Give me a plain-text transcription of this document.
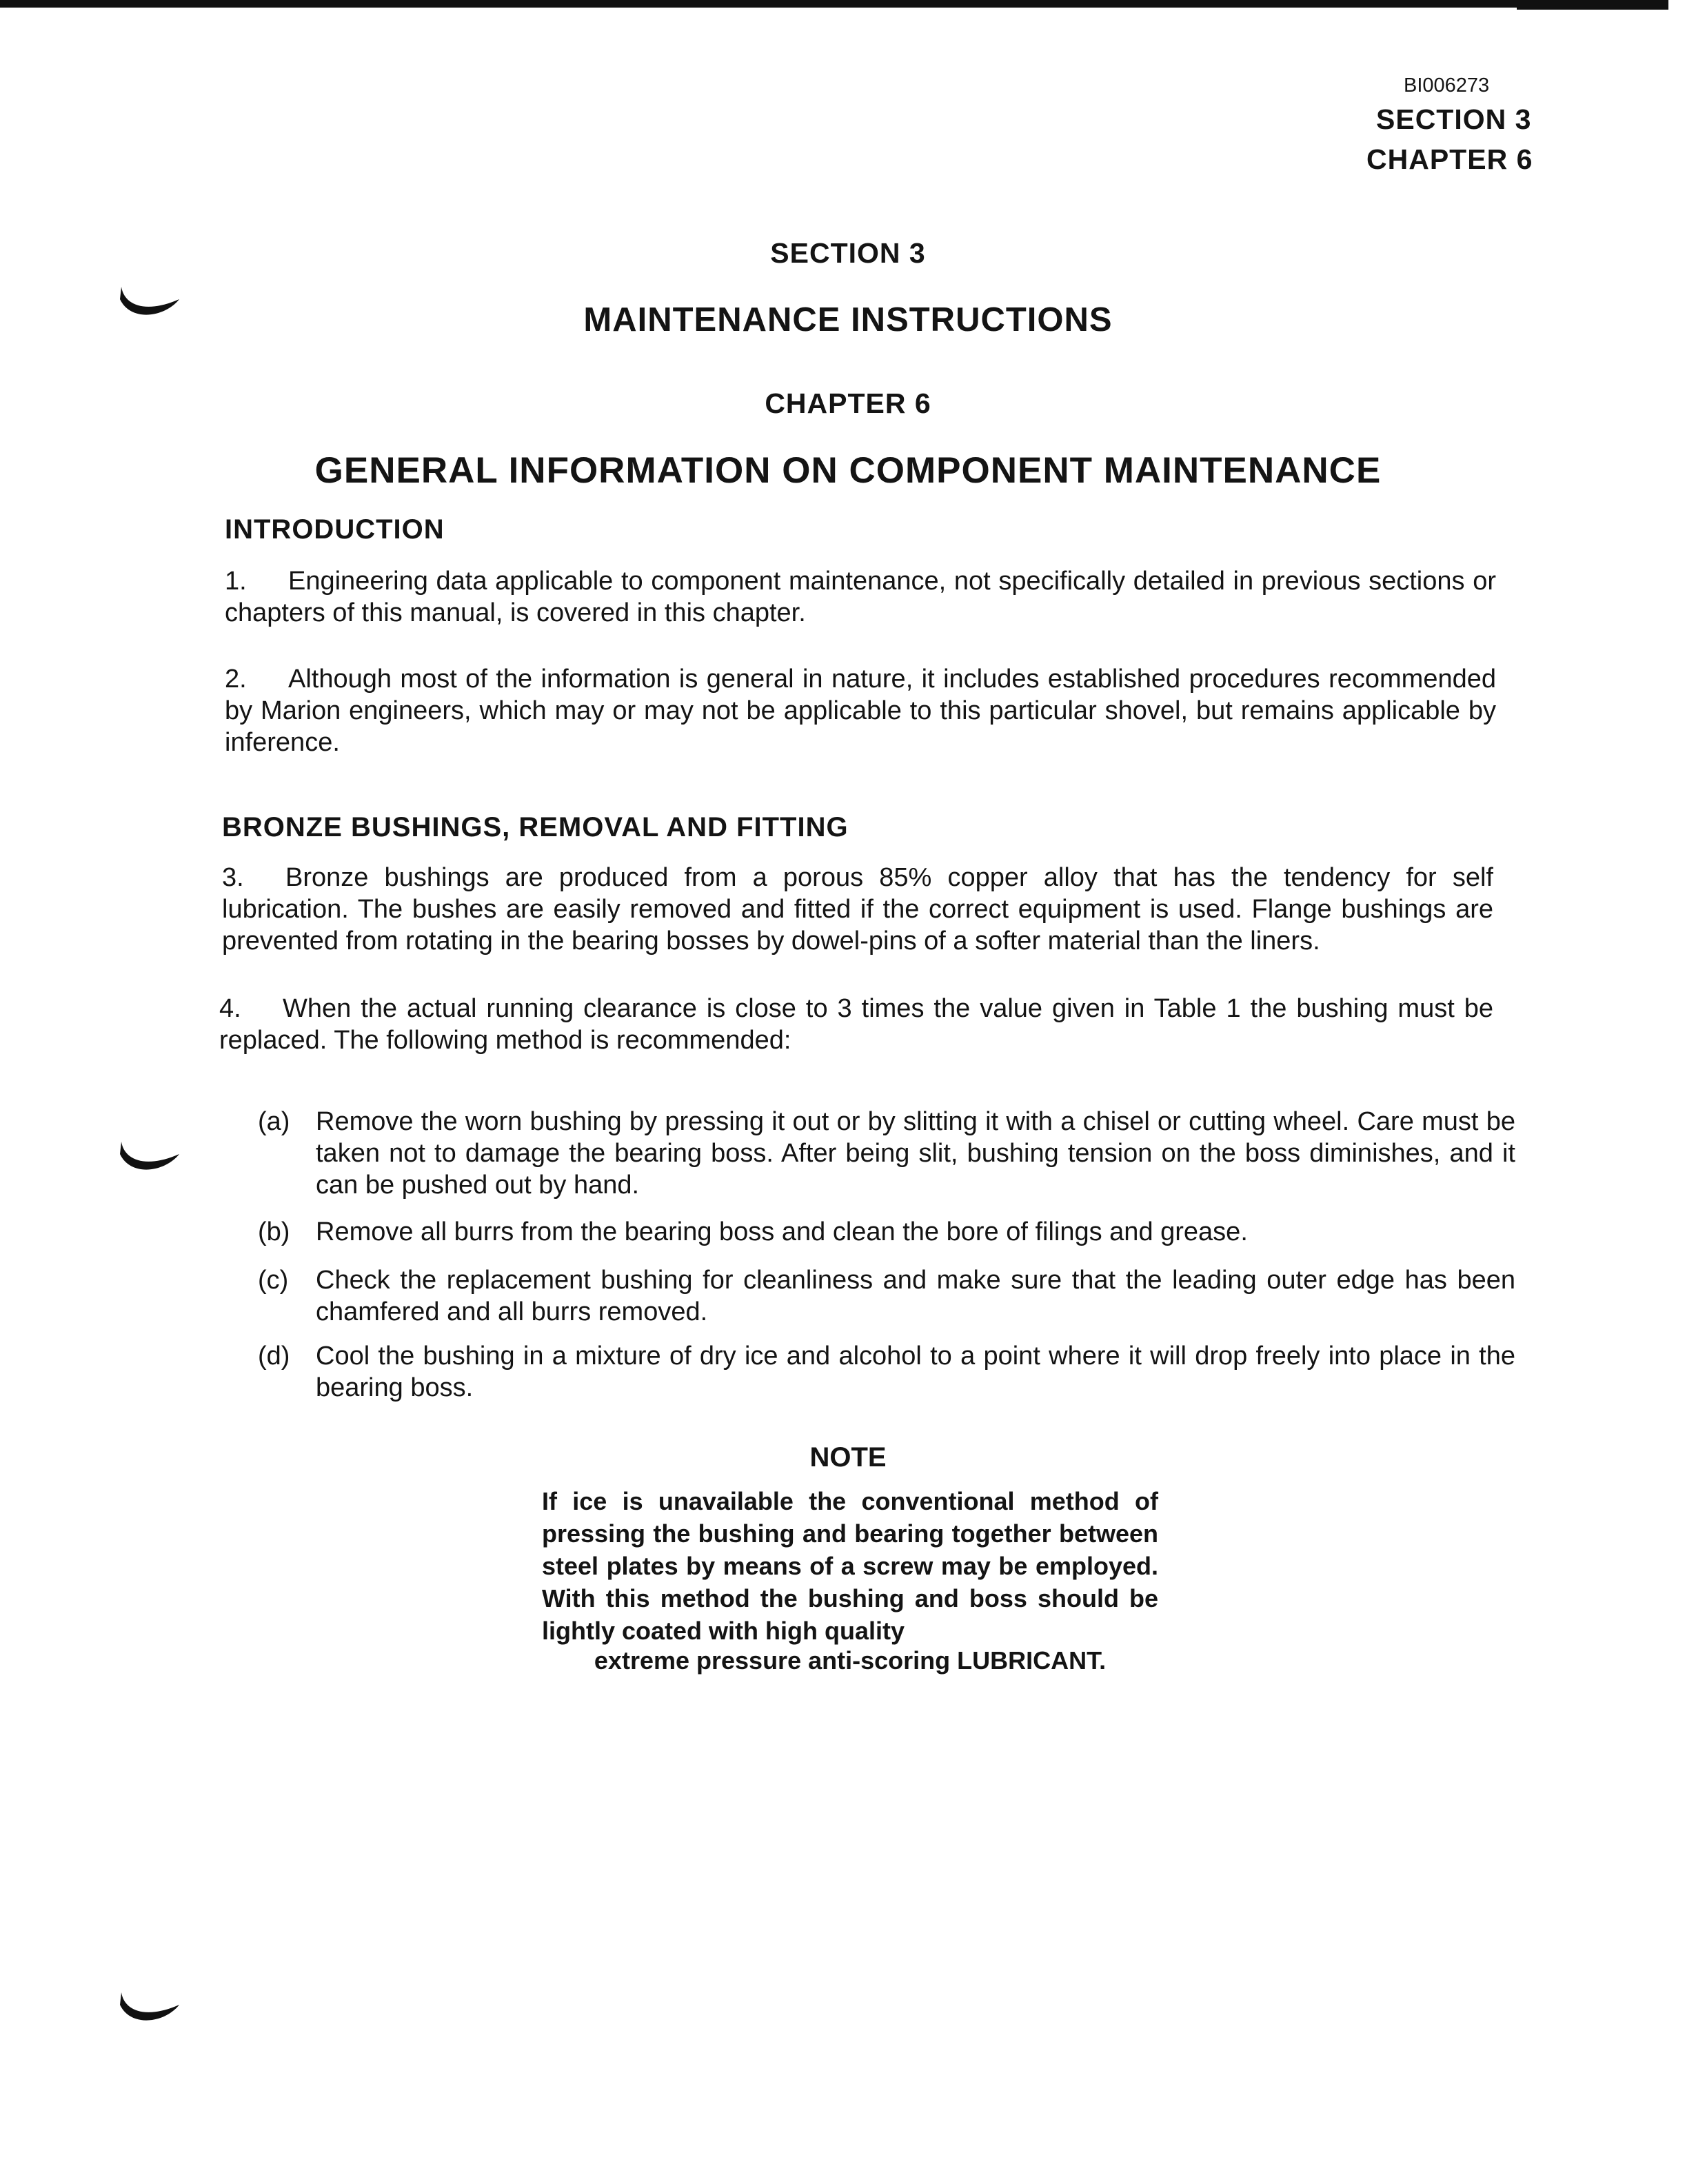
BI006273
SECTION 3
CHAPTER 6
SECTION 3
MAINTENANCE INSTRUCTIONS
CHAPTER 6
GENERAL INFORMATION ON COMPONENT MAINTENANCE
INTRODUCTION
1. Engineering data applicable to component maintenance, not specifically detailed in previous sections or chapters of this manual, is covered in this chapter.
2. Although most of the information is general in nature, it includes established procedures recommended by Marion engineers, which may or may not be applicable to this particular shovel, but remains applicable by inference.
BRONZE BUSHINGS, REMOVAL AND FITTING
3. Bronze bushings are produced from a porous 85% copper alloy that has the tendency for self lubrication. The bushes are easily removed and fitted if the correct equipment is used. Flange bushings are prevented from rotating in the bearing bosses by dowel-pins of a softer material than the liners.
4. When the actual running clearance is close to 3 times the value given in Table 1 the bushing must be replaced. The following method is recommended:
(a) Remove the worn bushing by pressing it out or by slitting it with a chisel or cutting wheel. Care must be taken not to damage the bearing boss. After being slit, bushing tension on the boss diminishes, and it can be pushed out by hand.
(b) Remove all burrs from the bearing boss and clean the bore of filings and grease.
(c)	Check the replacement bushing for cleanliness and make sure that the leading outer edge has been chamfered and all burrs removed.
(d) Cool the bushing in a mixture of dry ice and alcohol to a point where it will drop freely into place in the bearing boss.
NOTE
If ice is unavailable the conventional method of pressing the bushing and bearing together between steel plates by means of a screw may be employed. With this method the bushing and boss should be lightly coated with high quality
extreme pressure anti-scoring LUBRICANT.
